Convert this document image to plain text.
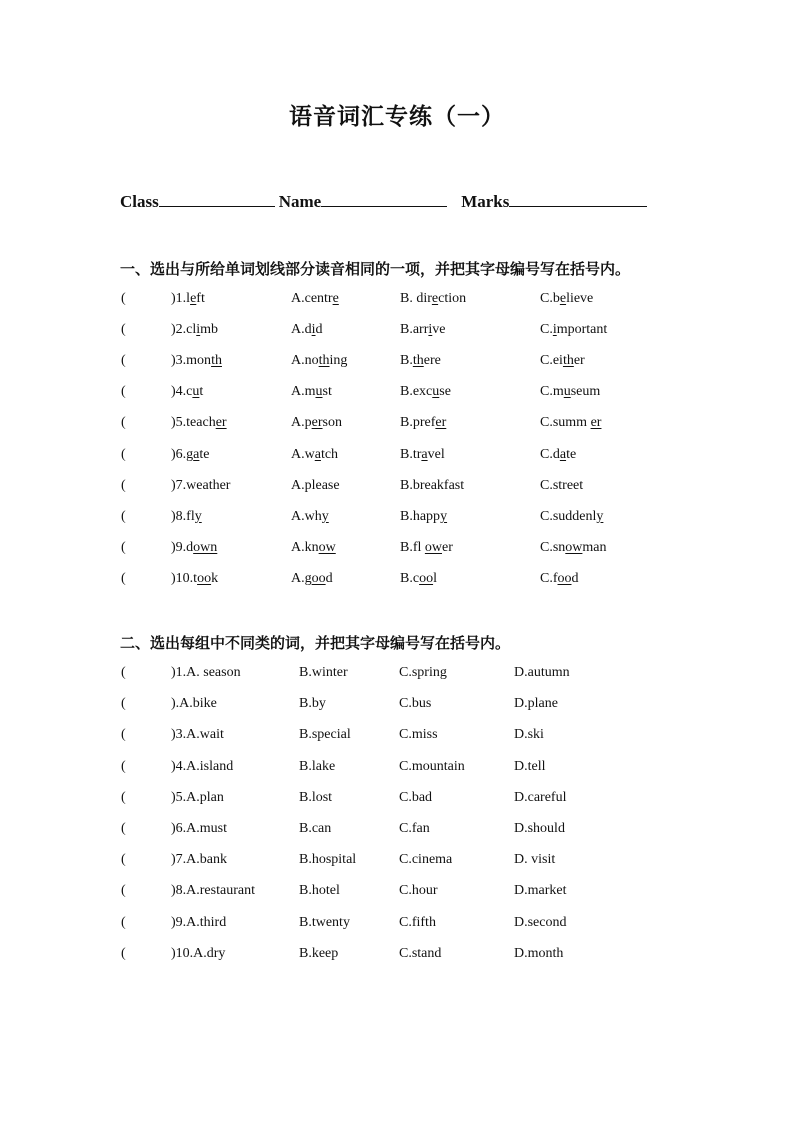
语音词汇专练（一）
Class	Name	Marks
一、选出与所给单词划线部分读音相同的一项，并把其字母编号写在括号内。
(	)1.left	A.centre	B. direction	C.believe
(	)2.climb	A.did	B.arrive	C.important
(	)3.month	A.nothing	B.there	C.either
(	)4.cut	A.must	B.excuse	C.museum
(	)5.teacher	A.person	B.prefer	C.summ er
(	)6.gate	A.watch	B.travel	C.date
(	)7.weather	A.please	B.breakfast	C.street
(	)8.fly	A.why	B.happy	C.suddenly
(	)9.down	A.know	B.fl ower	C.snowman
(	)10.took	A.good	B.cool	C.food
二、选出每组中不同类的词，并把其字母编号写在括号内。
(	)1.A. season	B.winter	C.spring	D.autumn
(	).A.bike	B.by	C.bus	D.plane
(	)3.A.wait	B.special	C.miss	D.ski
(	)4.A.island	B.lake	C.mountain	D.tell
(	)5.A.plan	B.lost	C.bad	D.careful
(	)6.A.must	B.can	C.fan	D.should
(	)7.A.bank	B.hospital	C.cinema	D. visit
(	)8.A.restaurant	B.hotel	C.hour	D.market
(	)9.A.third	B.twenty	C.fifth	D.second
(	)10.A.dry	B.keep	C.stand	D.month
